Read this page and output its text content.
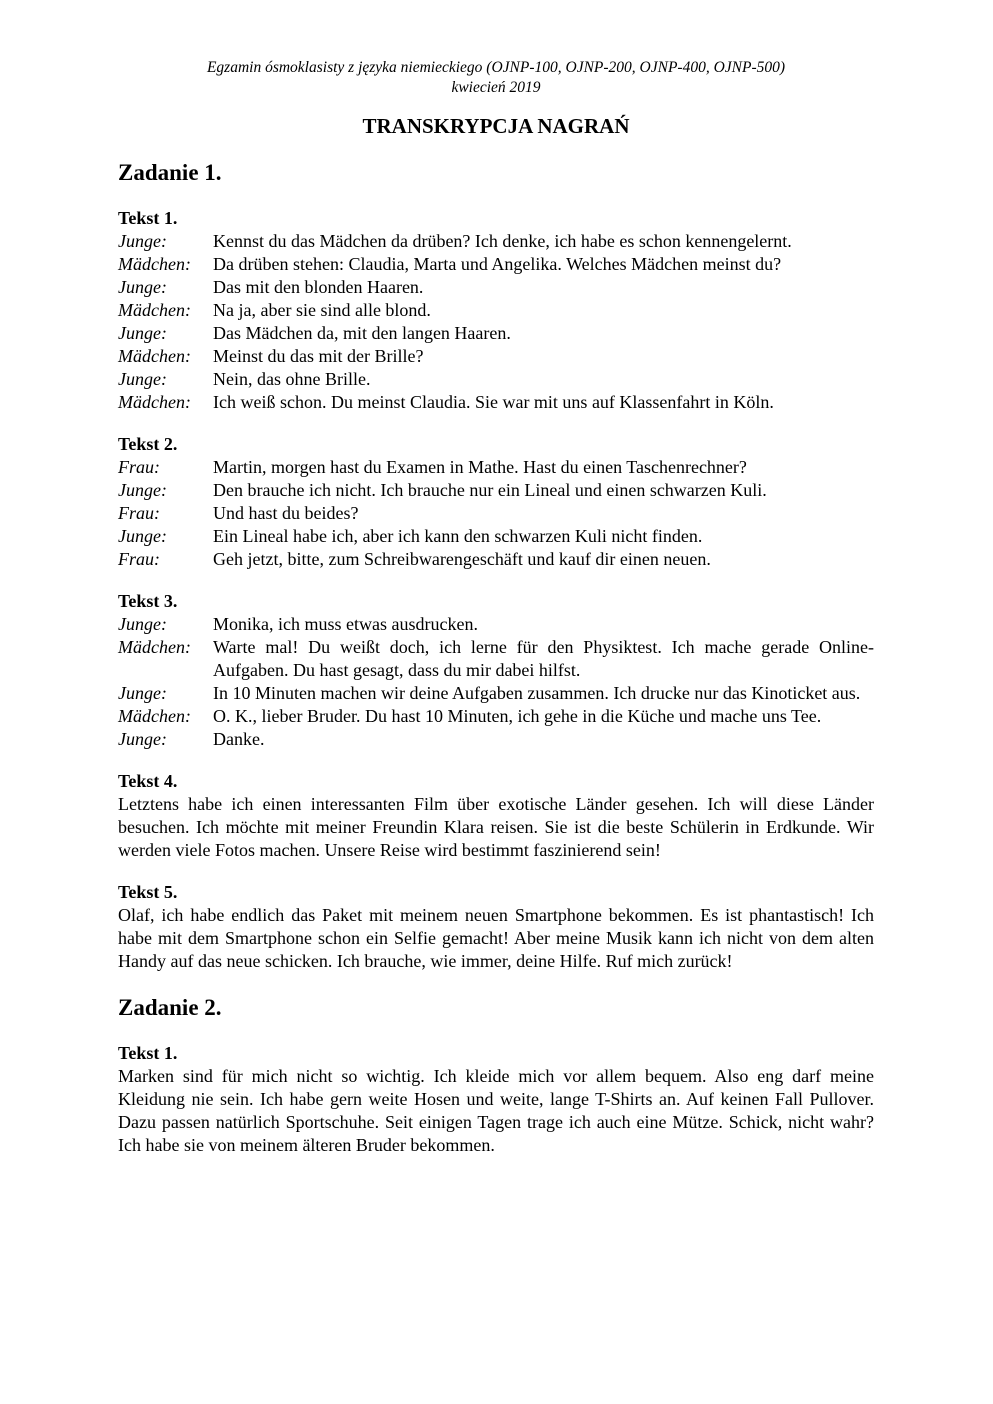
Egzamin ósmoklasisty z języka niemieckiego (OJNP-100, OJNP-200, OJNP-400, OJNP-500)
kwiecień 2019
TRANSKRYPCJA NAGRAŃ
Zadanie 1.
Tekst 1.
Junge:	Kennst du das Mädchen da drüben? Ich denke, ich habe es schon kennengelernt.
Mädchen:	Da drüben stehen: Claudia, Marta und Angelika. Welches Mädchen meinst du?
Junge:	Das mit den blonden Haaren.
Mädchen:	Na ja, aber sie sind alle blond.
Junge:	Das Mädchen da, mit den langen Haaren.
Mädchen:	Meinst du das mit der Brille?
Junge:	Nein, das ohne Brille.
Mädchen:	Ich weiß schon. Du meinst Claudia. Sie war mit uns auf Klassenfahrt in Köln.
Tekst 2.
Frau:	Martin, morgen hast du Examen in Mathe. Hast du einen Taschenrechner?
Junge:	Den brauche ich nicht. Ich brauche nur ein Lineal und einen schwarzen Kuli.
Frau:	Und hast du beides?
Junge:	Ein Lineal habe ich, aber ich kann den schwarzen Kuli nicht finden.
Frau:	Geh jetzt, bitte, zum Schreibwarengeschäft und kauf dir einen neuen.
Tekst 3.
Junge:	Monika, ich muss etwas ausdrucken.
Mädchen:	Warte mal! Du weißt doch, ich lerne für den Physiktest. Ich mache gerade Online-Aufgaben. Du hast gesagt, dass du mir dabei hilfst.
Junge:	In 10 Minuten machen wir deine Aufgaben zusammen. Ich drucke nur das Kinoticket aus.
Mädchen:	O. K., lieber Bruder. Du hast 10 Minuten, ich gehe in die Küche und mache uns Tee.
Junge:	Danke.
Tekst 4.
Letztens habe ich einen interessanten Film über exotische Länder gesehen. Ich will diese Länder besuchen. Ich möchte mit meiner Freundin Klara reisen. Sie ist die beste Schülerin in Erdkunde. Wir werden viele Fotos machen. Unsere Reise wird bestimmt faszinierend sein!
Tekst 5.
Olaf, ich habe endlich das Paket mit meinem neuen Smartphone bekommen. Es ist phantastisch! Ich habe mit dem Smartphone schon ein Selfie gemacht! Aber meine Musik kann ich nicht von dem alten Handy auf das neue schicken. Ich brauche, wie immer, deine Hilfe. Ruf mich zurück!
Zadanie 2.
Tekst 1.
Marken sind für mich nicht so wichtig. Ich kleide mich vor allem bequem. Also eng darf meine Kleidung nie sein. Ich habe gern weite Hosen und weite, lange T-Shirts an. Auf keinen Fall Pullover. Dazu passen natürlich Sportschuhe. Seit einigen Tagen trage ich auch eine Mütze. Schick, nicht wahr? Ich habe sie von meinem älteren Bruder bekommen.
